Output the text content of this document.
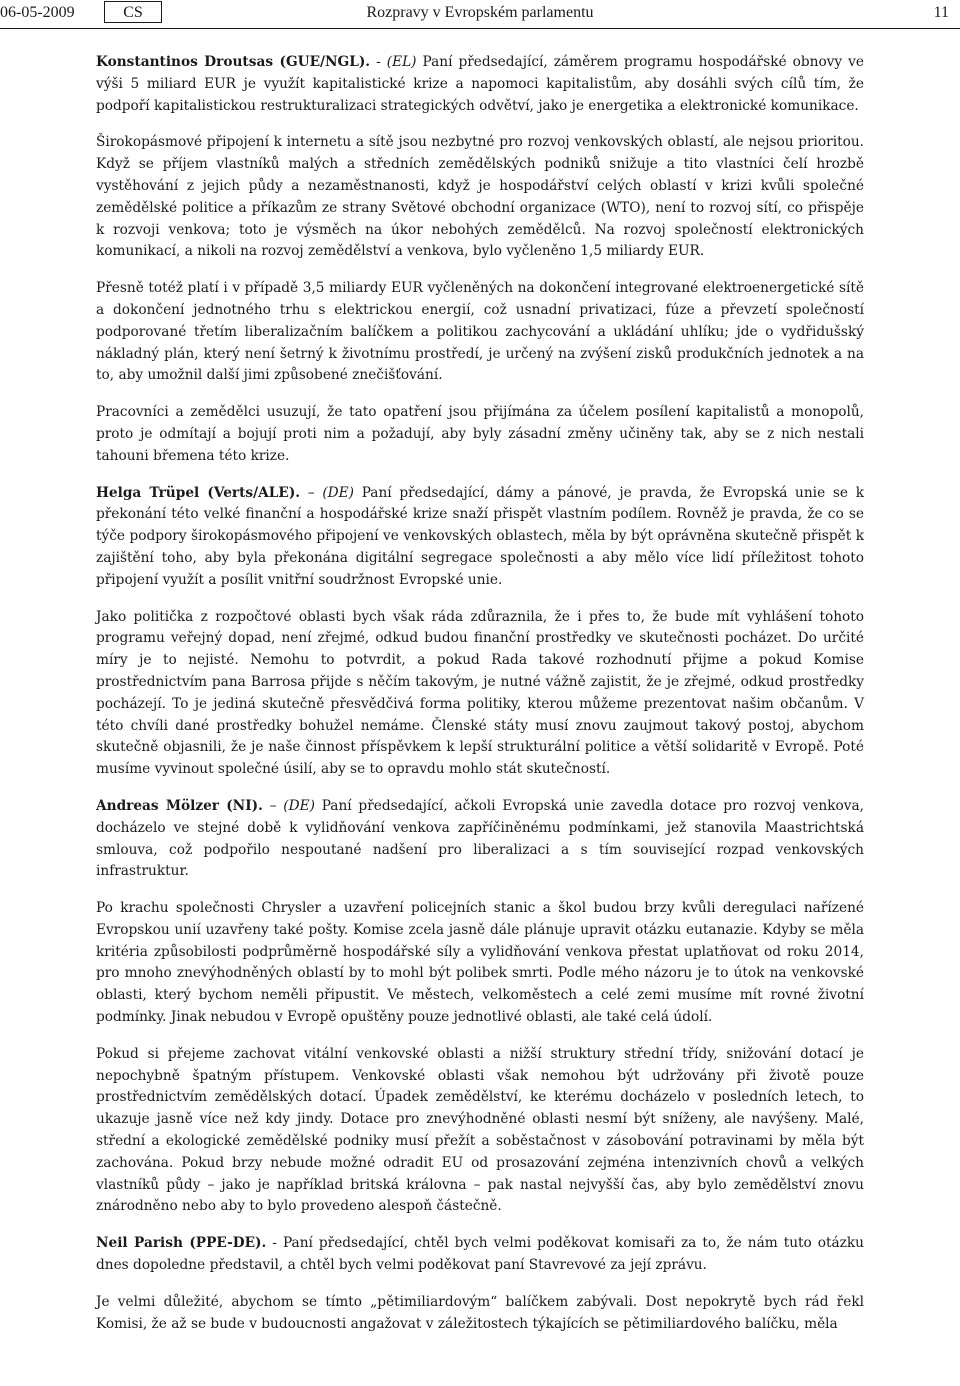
06-05-2009	CS	Rozpravy v Evropském parlamentu	11

Konstantinos Droutsas (GUE/NGL). - (EL) Paní předsedající, záměrem programu hospodářské obnovy ve výši 5 miliard EUR je využít kapitalistické krize a napomoci kapitalistům, aby dosáhli svých cílů tím, že podpoří kapitalistickou restrukturalizaci strategických odvětví, jako je energetika a elektronické komunikace.

Širokopásmové připojení k internetu a sítě jsou nezbytné pro rozvoj venkovských oblastí, ale nejsou prioritou. Když se příjem vlastníků malých a středních zemědělských podniků snižuje a tito vlastníci čelí hrozbě vystěhování z jejich půdy a nezaměstnanosti, když je hospodářství celých oblastí v krizi kvůli společné zemědělské politice a příkazům ze strany Světové obchodní organizace (WTO), není to rozvoj sítí, co přispěje k rozvoji venkova; toto je výsměch na úkor nebohých zemědělců. Na rozvoj společností elektronických komunikací, a nikoli na rozvoj zemědělství a venkova, bylo vyčleněno 1,5 miliardy EUR.

Přesně totéž platí i v případě 3,5 miliardy EUR vyčleněných na dokončení integrované elektroenergetické sítě a dokončení jednotného trhu s elektrickou energií, což usnadní privatizaci, fúze a převzetí společností podporované třetím liberalizačním balíčkem a politikou zachycování a ukládání uhlíku; jde o vydřidušský nákladný plán, který není šetrný k životnímu prostředí, je určený na zvýšení zisků produkčních jednotek a na to, aby umožnil další jimi způsobené znečišťování.

Pracovníci a zemědělci usuzují, že tato opatření jsou přijímána za účelem posílení kapitalistů a monopolů, proto je odmítají a bojují proti nim a požadují, aby byly zásadní změny učiněny tak, aby se z nich nestali tahouni břemena této krize.

Helga Trüpel (Verts/ALE). – (DE) Paní předsedající, dámy a pánové, je pravda, že Evropská unie se k překonání této velké finanční a hospodářské krize snaží přispět vlastním podílem. Rovněž je pravda, že co se týče podpory širokopásmového připojení ve venkovských oblastech, měla by být oprávněna skutečně přispět k zajištění toho, aby byla překonána digitální segregace společnosti a aby mělo více lidí příležitost tohoto připojení využít a posílit vnitřní soudržnost Evropské unie.

Jako politička z rozpočtové oblasti bych však ráda zdůraznila, že i přes to, že bude mít vyhlášení tohoto programu veřejný dopad, není zřejmé, odkud budou finanční prostředky ve skutečnosti pocházet. Do určité míry je to nejisté. Nemohu to potvrdit, a pokud Rada takové rozhodnutí přijme a pokud Komise prostřednictvím pana Barrosa přijde s něčím takovým, je nutné vážně zajistit, že je zřejmé, odkud prostředky pocházejí. To je jediná skutečně přesvědčivá forma politiky, kterou můžeme prezentovat našim občanům. V této chvíli dané prostředky bohužel nemáme. Členské státy musí znovu zaujmout takový postoj, abychom skutečně objasnili, že je naše činnost příspěvkem k lepší strukturální politice a větší solidaritě v Evropě. Poté musíme vyvinout společné úsilí, aby se to opravdu mohlo stát skutečností.

Andreas Mölzer (NI). – (DE) Paní předsedající, ačkoli Evropská unie zavedla dotace pro rozvoj venkova, docházelo ve stejné době k vylidňování venkova zapříčiněnému podmínkami, jež stanovila Maastrichtská smlouva, což podpořilo nespoutané nadšení pro liberalizaci a s tím související rozpad venkovských infrastruktur.

Po krachu společnosti Chrysler a uzavření policejních stanic a škol budou brzy kvůli deregulaci nařízené Evropskou unií uzavřeny také pošty. Komise zcela jasně dále plánuje upravit otázku eutanazie. Kdyby se měla kritéria způsobilosti podprůměrně hospodářské síly a vylidňování venkova přestat uplatňovat od roku 2014, pro mnoho znevýhodněných oblastí by to mohl být polibek smrti. Podle mého názoru je to útok na venkovské oblasti, který bychom neměli připustit. Ve městech, velkoměstech a celé zemi musíme mít rovné životní podmínky. Jinak nebudou v Evropě opuštěny pouze jednotlivé oblasti, ale také celá údolí.

Pokud si přejeme zachovat vitální venkovské oblasti a nižší struktury střední třídy, snižování dotací je nepochybně špatným přístupem. Venkovské oblasti však nemohou být udržovány při životě pouze prostřednictvím zemědělských dotací. Úpadek zemědělství, ke kterému docházelo v posledních letech, to ukazuje jasně více než kdy jindy. Dotace pro znevýhodněné oblasti nesmí být sníženy, ale navýšeny. Malé, střední a ekologické zemědělské podniky musí přežít a soběstačnost v zásobování potravinami by měla být zachována. Pokud brzy nebude možné odradit EU od prosazování zejména intenzivních chovů a velkých vlastníků půdy – jako je například britská královna – pak nastal nejvyšší čas, aby bylo zemědělství znovu znárodněno nebo aby to bylo provedeno alespoň částečně.

Neil Parish (PPE-DE). - Paní předsedající, chtěl bych velmi poděkovat komisaři za to, že nám tuto otázku dnes dopoledne představil, a chtěl bych velmi poděkovat paní Stavrevové za její zprávu.

Je velmi důležité, abychom se tímto „pětimiliardovým“ balíčkem zabývali. Dost nepokrytě bych rád řekl Komisi, že až se bude v budoucnosti angažovat v záležitostech týkajících se pětimiliardového balíčku, měla
